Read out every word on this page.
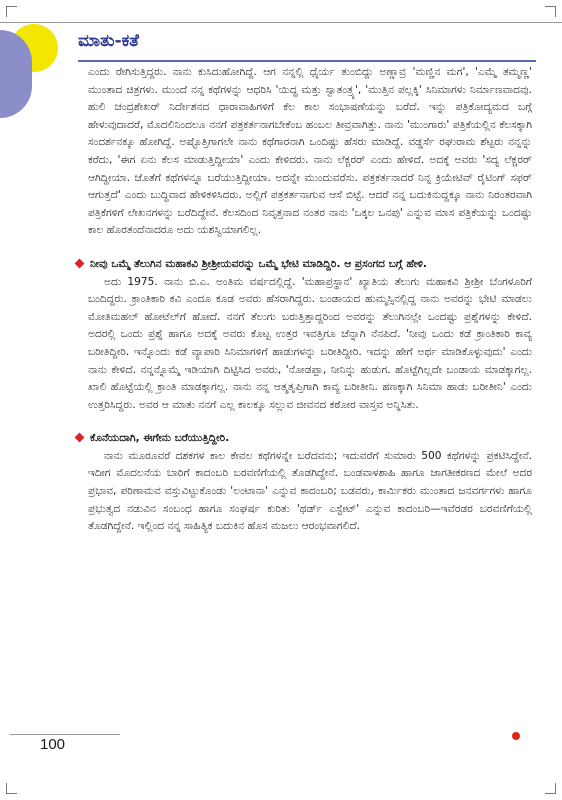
ಮಾತು-ಕತೆ

ಎಂದು ರೇಗಿಸುತ್ತಿದ್ದರು. ನಾನು ಕುಸಿದುಹೋಗಿದ್ದೆ. ಆಗ ನನ್ನಲ್ಲಿ ಧೈರ್ಯ ತುಂಬಿದ್ದು ಅಣ್ಣಾವ್ರ 'ಮಣ್ಣಿನ ಮಗ', 'ಎಮ್ಮೆ ತಮ್ಮಣ್ಣ' ಮುಂತಾದ ಚಿತ್ರಗಳು. ಮುಂದೆ ನನ್ನ ಕಥೆಗಳನ್ನು ಆಧರಿಸಿ 'ಯಿದ್ಧ ಮತ್ತು ಸ್ವಾತಂತ್ರ್ಯ', 'ಮುತ್ತಿನ ಪಲ್ಲಕ್ಕಿ' ಸಿನಿಮಾಗಳು ನಿರ್ಮಾಣವಾದವು. ಹುಲಿ ಚಂದ್ರಶೇಖರ್ ನಿರ್ದೇಶನದ ಧಾರಾವಾಹಿಗಳಿಗೆ ಕೆಲ ಕಾಲ ಸಂಭಾಷಣೆಯನ್ನು ಬರೆದೆ. ಇನ್ನು ಪತ್ರಿಕೋದ್ಯಮದ ಬಗ್ಗೆ ಹೇಳುವುದಾದರೆ, ಮೊದಲಿನಿಂದಲೂ ನನಗೆ ಪತ್ರಕರ್ತನಾಗಬೇಕೆಂಬ ಹಂಬಲ ತೀವ್ರವಾಗಿತ್ತು. ನಾನು 'ಮುಂಗಾರು' ಪತ್ರಿಕೆಯಲ್ಲಿನ ಕೆಲಸಕ್ಕಾಗಿ ಸಂದರ್ಶನಕ್ಕೂ ಹೋಗಿದ್ದೆ. ಅಷ್ಟೊತ್ತಿಗಾಗಲೇ ನಾನು ಕಥೆಗಾರನಾಗಿ ಒಂದಿಷ್ಟು ಹೆಸರು ಮಾಡಿದ್ದೆ. ವಡ್ಡರ್ಸೆ ರಘುರಾಮ ಶೆಟ್ಟರು ನನ್ನನ್ನು ಕರೆದು, 'ಈಗ ಏನು ಕೆಲಸ ಮಾಡುತ್ತಿದ್ದೀಯಾ' ಎಂದು ಕೇಳಿದರು. ನಾನು ಲೆಕ್ಚರರ್ ಎಂದು ಹೇಳಿದೆ. ಅದಕ್ಕೆ ಅವರು 'ಸದ್ಯ ಲೆಕ್ಚರರ್ ಆಗಿದ್ದೀಯಾ. ಜೊತೆಗೆ ಕಥೆಗಳನ್ನೂ ಬರೆಯುತ್ತಿದ್ದೀಯಾ. ಅದನ್ನೇ ಮುಂದುವರೆಸು. ಪತ್ರಕರ್ತನಾದರೆ ನಿನ್ನ ಕ್ರಿಯೇಟಿವ್ ರೈಟಿಂಗ್ ಸಫರ್ ಆಗುತ್ತದೆ' ಎಂದು ಬುದ್ಧಿವಾದ ಹೇಳಿಕಳಿಸಿದರು. ಅಲ್ಲಿಗೆ ಪತ್ರಕರ್ತನಾಗುವ ಆಸೆ ಬಿಟ್ಟೆ. ಆದರೆ ನನ್ನ ಬದುಕಿನುದ್ದಕ್ಕೂ ನಾನು ನಿರಂತರವಾಗಿ ಪತ್ರಿಕೆಗಳಿಗೆ ಲೇಖನಗಳನ್ನು ಬರೆದಿದ್ದೇನೆ. ಕೆಲಸದಿಂದ ನಿವೃತ್ತನಾದ ನಂತರ ನಾನು 'ಒಕ್ಕಲ ಒನಪು' ಎನ್ನುವ ಮಾಸ ಪತ್ರಿಕೆಯನ್ನು ಒಂದಷ್ಟು ಕಾಲ ಹೊರತಂದೆನಾದರೂ ಅದು ಯಶಸ್ವಿಯಾಗಲಿಲ್ಲ.

ನೀವು ಒಮ್ಮೆ ತೆಲುಗಿನ ಮಹಾಕವಿ ಶ್ರೀಶ್ರೀಯವರನ್ನು ಒಮ್ಮೆ ಭೇಟಿ ಮಾಡಿದ್ದಿರಿ. ಆ ಪ್ರಸಂಗದ ಬಗ್ಗೆ ಹೇಳಿ.

ಅದು 1975. ನಾನು ಬಿ.ಎ. ಅಂತಿಮ ವರ್ಷದಲ್ಲಿದ್ದೆ. 'ಮಹಾಪ್ರಸ್ಥಾನ' ಖ್ಯಾತಿಯ ತೆಲುಗು ಮಹಾಕವಿ ಶ್ರೀಶ್ರೀ ಬೆಂಗಳೂರಿಗೆ ಬಂದಿದ್ದರು. ಕ್ರಾಂತಿಕಾರಿ ಕವಿ ಎಂದೂ ಕೂಡ ಅವರು ಹೆಸರಾಗಿದ್ದರು. ಬಂಡಾಯದ ಹುಮ್ಮಸ್ಸಿನಲ್ಲಿದ್ದ ನಾನು ಅವರನ್ನು ಭೇಟಿ ಮಾಡಲು ಮೋತಿಮಹಲ್ ಹೋಟೆಲ್‌ಗೆ ಹೋದೆ. ನನಗೆ ತೆಲುಗು ಬರುತ್ತಿತ್ತಾದ್ದರಿಂದ ಅವರನ್ನು ತೆಲುಗಿನಲ್ಲೇ ಒಂದಷ್ಟು ಪ್ರಶ್ನೆಗಳನ್ನು ಕೇಳಿದೆ. ಅದರಲ್ಲಿ ಒಂದು ಪ್ರಶ್ನೆ ಹಾಗೂ ಅದಕ್ಕೆ ಅವರು ಕೊಟ್ಟ ಉತ್ತರ ಇವತ್ತಿಗೂ ಚೆನ್ನಾಗಿ ನೆನಪಿದೆ. 'ನೀವು ಒಂದು ಕಡೆ ಕ್ರಾಂತಿಕಾರಿ ಕಾವ್ಯ ಬರೀತಿದ್ದೀರಿ. ಇನ್ನೊಂದು ಕಡೆ ವ್ಯಾಪಾರಿ ಸಿನಿಮಾಗಳಿಗೆ ಹಾಡುಗಳನ್ನು ಬರೀತಿದ್ದೀರಿ. ಇದನ್ನು ಹೇಗೆ ಅರ್ಥ ಮಾಡಿಕೊಳ್ಳುವುದು' ಎಂದು ನಾನು ಕೇಳಿದೆ. ನನ್ನನ್ನೊಮ್ಮೆ ಇಡಿಯಾಗಿ ದಿಟ್ಟಿಸಿದ ಅವರು, 'ನೋಡಪ್ಪಾ, ನೀನಿನ್ನು ಹುಡುಗ. ಹೊಟ್ಟೆಗಿಲ್ಲದೇ ಬಂಡಾಯ ಮಾಡಕ್ಕಾಗಲ್ಲ. ಖಾಲಿ ಹೊಟ್ಟೆಯಲ್ಲಿ ಕ್ರಾಂತಿ ಮಾಡಕ್ಕಾಗಲ್ಲ. ನಾನು ನನ್ನ ಆತ್ಮತೃಪ್ತಿಗಾಗಿ ಕಾವ್ಯ ಬರೀತೀನಿ. ಹಣಕ್ಕಾಗಿ ಸಿನಿಮಾ ಹಾಡು ಬರೀತೀನಿ' ಎಂದು ಉತ್ತರಿಸಿದ್ದರು. ಅವರ ಆ ಮಾತು ನನಗೆ ಎಲ್ಲ ಕಾಲಕ್ಕೂ ಸಲ್ಲುವ ಜೀವನದ ಕಠೋರ ವಾಸ್ತವ ಅನ್ನಿಸಿತು.

ಕೊನೆಯದಾಗಿ, ಈಗೇನು ಬರೆಯುತ್ತಿದ್ದೀರಿ.

ನಾನು ಮೂರೂವರೆ ದಶಕಗಳ ಕಾಲ ಕೇವಲ ಕಥೆಗಳನ್ನೇ ಬರೆದವನು; ಇದುವರೆಗೆ ಸುಮಾರು 500 ಕಥೆಗಳನ್ನು ಪ್ರಕಟಿಸಿದ್ದೇನೆ. ಇದೀಗ ಮೊದಲನೆಯ ಬಾರಿಗೆ ಕಾದಂಬರಿ ಬರವಣಿಗೆಯಲ್ಲಿ ತೊಡಗಿದ್ದೇನೆ. ಬಂಡವಾಳಶಾಹಿ ಹಾಗೂ ಜಾಗತೀಕರಣದ ಮೇಲೆ ಅದರ ಪ್ರಭಾವ, ಪರಿಣಾಮವ ವಸ್ತುವಿಟ್ಟುಕೊಂಡು 'ಲಂಟಾನಾ' ಎನ್ನುವ ಕಾದಂಬರಿ; ಬಡವರು, ಕಾರ್ಮಿಕರು ಮುಂತಾದ ಜನವರ್ಗಗಳು ಹಾಗೂ ಪ್ರಭುತ್ವದ ನಡುವಿನ ಸಂಬಂಧ ಹಾಗೂ ಸಂಘರ್ಷ ಕುರಿತು 'ಥರ್ಡ್ ಎಸ್ಟೇಟ್' ಎನ್ನುವ ಕಾದಂಬರಿ—ಇವೆರಡರ ಬರವಣಿಗೆಯಲ್ಲಿ ತೊಡಗಿದ್ದೇನೆ. ಇಲ್ಲಿಂದ ನನ್ನ ಸಾಹಿತ್ಯಿಕ ಬದುಕಿನ ಹೊಸ ಮಜಲು ಆರಂಭವಾಗಲಿದೆ.

100
